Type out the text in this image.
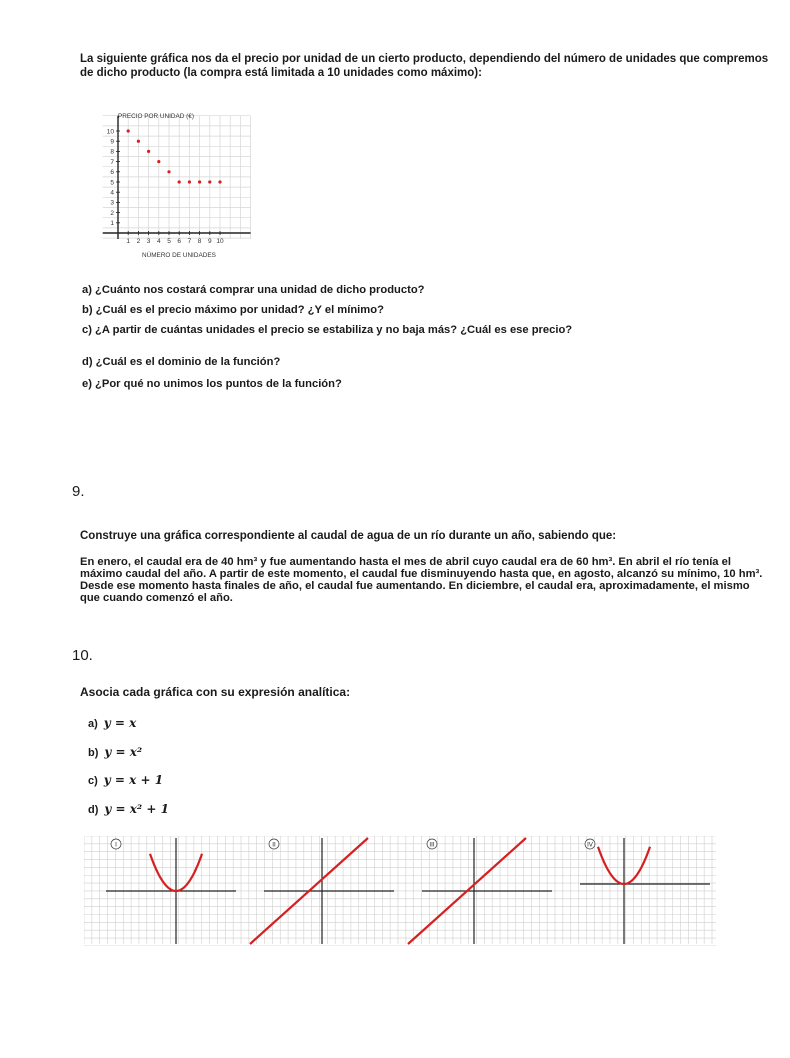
La siguiente gráfica nos da el precio por unidad de un cierto producto, dependiendo del número de unidades que compremos de dicho producto (la compra está limitada a 10 unidades como máximo):
1 2 3 4 5 6 7 8 9 10
1
2
3
4
5
6
7
8
9
10
PRECIO POR UNIDAD (€)
NÚMERO DE UNIDADES
a) ¿Cuánto nos costará comprar una unidad de dicho producto?
b) ¿Cuál es el precio máximo por unidad? ¿Y el mínimo?
c) ¿A partir de cuántas unidades el precio se estabiliza y no baja más? ¿Cuál es ese precio?
d) ¿Cuál es el dominio de la función?
e) ¿Por qué no unimos los puntos de la función?
9.
Construye una gráfica correspondiente al caudal de agua de un río durante un año, sabiendo que:
En enero, el caudal era de 40 hm³ y fue aumentando hasta el mes de abril cuyo caudal era de 60 hm³. En abril el río tenía el máximo caudal del año. A partir de este momento, el caudal fue disminuyendo hasta que, en agosto, alcanzó su mínimo, 10 hm³. Desde ese momento hasta finales de año, el caudal fue aumentando. En diciembre, el caudal era, aproximadamente, el mismo que cuando comenzó el año.
10.
Asocia cada gráfica con su expresión analítica:
a) y = x
b) y = x²
c) y = x + 1
d) y = x² + 1
I	II	III	IV
